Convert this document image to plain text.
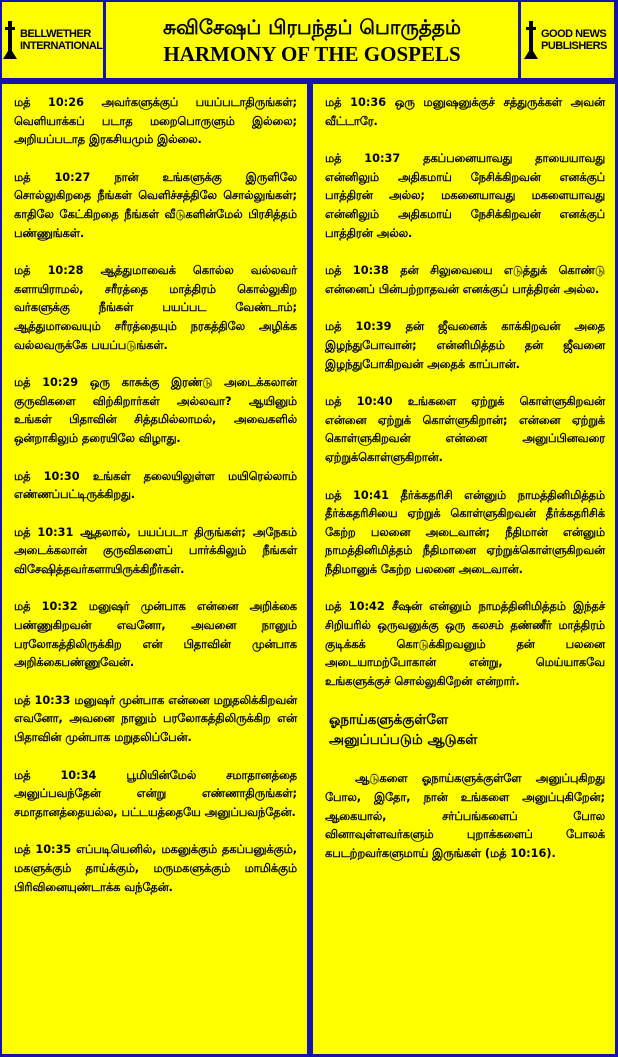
BELLWETHER INTERNATIONAL
சுவிசேஷப் பிரபந்தப் பொருத்தம்
HARMONY OF THE GOSPELS
GOOD NEWS PUBLISHERS

மத் 10:26 அவர்களுக்குப் பயப்படாதிருங்கள்; வெளியாக்கப் படாத மறைபொருளும் இல்லை; அறியப்படாத இரகசியமும் இல்லை.

மத் 10:27 நான் உங்களுக்கு இருளிலே சொல்லுகிறதை நீங்கள் வெளிச்சத்திலே சொல்லுங்கள்; காதிலே கேட்கிறதை நீங்கள் வீடுகளின்மேல் பிரசித்தம் பண்ணுங்கள்.

மத் 10:28 ஆத்துமாவைக் கொல்ல வல்லவர் களாயிராமல், சரீரத்தை மாத்திரம் கொல்லுகிற வர்களுக்கு நீங்கள் பயப்பட வேண்டாம்; ஆத்துமாவையும் சரீரத்தையும் நரகத்திலே அழிக்க வல்லவருக்கே பயப்படுங்கள்.

மத் 10:29 ஒரு காசுக்கு இரண்டு அடைக்கலான் குருவிகளை விற்கிறார்கள் அல்லவா? ஆயினும் உங்கள் பிதாவின் சித்தமில்லாமல், அவைகளில் ஒன்றாகிலும் தரையிலே விழாது.

மத் 10:30 உங்கள் தலையிலுள்ள மயிரெல்லாம் எண்ணப்பட்டிருக்கிறது.

மத் 10:31 ஆதலால், பயப்படா திருங்கள்; அநேகம் அடைக்கலான் குருவிகளைப் பார்க்கிலும் நீங்கள் விசேஷித்தவர்களாயிருக்கிறீர்கள்.

மத் 10:32 மனுஷர் முன்பாக என்னை அறிக்கை பண்ணுகிறவன் எவனோ, அவனை நானும் பரலோகத்திலிருக்கிற என் பிதாவின் முன்பாக அறிக்கைபண்ணுவேன்.

மத் 10:33 மனுஷர் முன்பாக என்னை மறுதலிக்கிறவன் எவனோ, அவனை நானும் பரலோகத்திலிருக்கிற என் பிதாவின் முன்பாக மறுதலிப்பேன்.

மத் 10:34 பூமியின்மேல் சமாதானத்தை அனுப்பவந்தேன் என்று எண்ணாதிருங்கள்; சமாதானத்தையல்ல, பட்டயத்தையே அனுப்பவந்தேன்.

மத் 10:35 எப்படியெனில், மகனுக்கும் தகப்பனுக்கும், மகளுக்கும் தாய்க்கும், மருமகளுக்கும் மாமிக்கும் பிரிவினையுண்டாக்க வந்தேன்.

மத் 10:36 ஒரு மனுஷனுக்குச் சத்துருக்கள் அவன் வீட்டாரே.

மத் 10:37 தகப்பனையாவது தாயையாவது என்னிலும் அதிகமாய் நேசிக்கிறவன் எனக்குப் பாத்திரன் அல்ல; மகனையாவது மகளையாவது என்னிலும் அதிகமாய் நேசிக்கிறவன் எனக்குப் பாத்திரன் அல்ல.

மத் 10:38 தன் சிலுவையை எடுத்துக் கொண்டு என்னைப் பின்பற்றாதவன் எனக்குப் பாத்திரன் அல்ல.

மத் 10:39 தன் ஜீவனைக் காக்கிறவன் அதை இழந்துபோவான்; என்னிமித்தம் தன் ஜீவனை இழந்துபோகிறவன் அதைக் காப்பான்.

மத் 10:40 உங்களை ஏற்றுக் கொள்ளுகிறவன் என்னை ஏற்றுக் கொள்ளுகிறான்; என்னை ஏற்றுக் கொள்ளுகிறவன் என்னை அனுப்பினவரை ஏற்றுக்கொள்ளுகிறான்.

மத் 10:41 தீர்க்கதரிசி என்னும் நாமத்தினிமித்தம் தீர்க்கதரிசியை ஏற்றுக் கொள்ளுகிறவன் தீர்க்கதரிசிக் கேற்ற பலனை அடைவான்; நீதிமான் என்னும் நாமத்தினிமித்தம் நீதிமானை ஏற்றுக்கொள்ளுகிறவன் நீதிமானுக் கேற்ற பலனை அடைவான்.

மத் 10:42 சீஷன் என்னும் நாமத்தினிமித்தம் இந்தச் சிறியரில் ஒருவனுக்கு ஒரு கலசம் தண்ணீர் மாத்திரம் குடிக்கக் கொடுக்கிறவனும் தன் பலனை அடையாமற்போகான் என்று, மெய்யாகவே உங்களுக்குச் சொல்லுகிறேன் என்றார்.

ஓநாய்களுக்குள்ளே
அனுப்பப்படும் ஆடுகள்

ஆடுகளை ஓநாய்களுக்குள்ளே அனுப்புகிறது போல, இதோ, நான் உங்களை அனுப்புகிறேன்; ஆகையால், சர்ப்பங்களைப் போல வினாவுள்ளவர்களும் புறாக்களைப் போலக் கபடற்றவர்களுமாய் இருங்கள் (மத் 10:16).
